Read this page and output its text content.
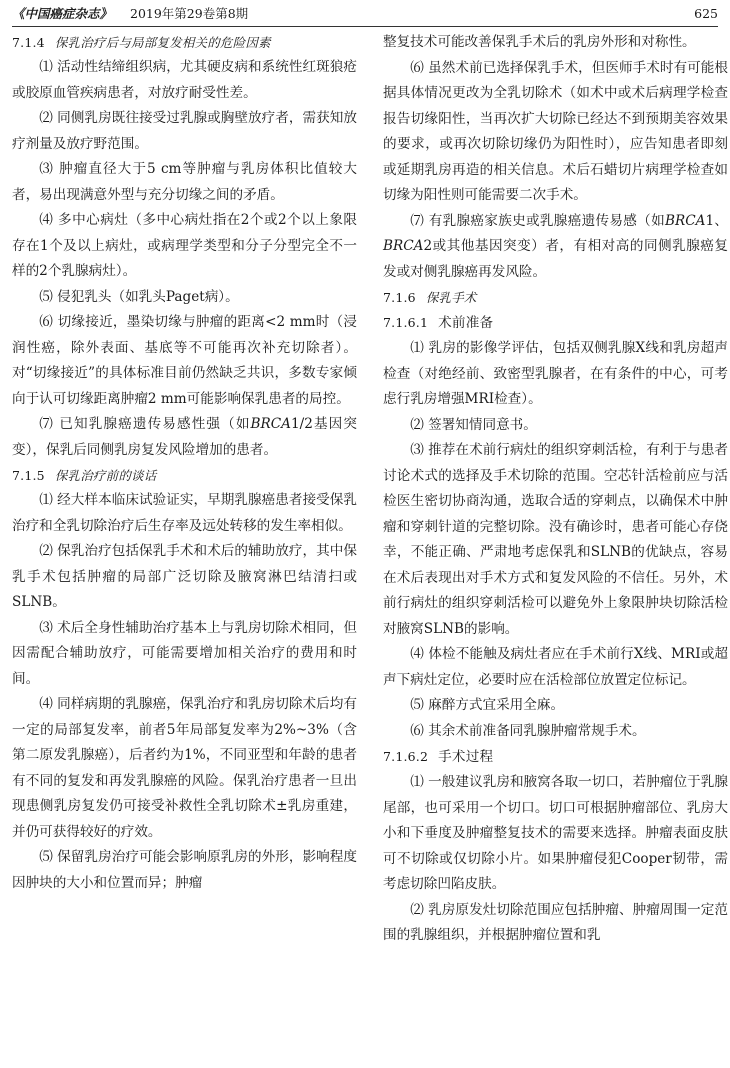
《中国癌症杂志》 2019年第29卷第8期	625
7.1.4 保乳治疗后与局部复发相关的危险因素

⑴ 活动性结缔组织病，尤其硬皮病和系统性红斑狼疮或胶原血管疾病患者，对放疗耐受性差。

⑵ 同侧乳房既往接受过乳腺或胸壁放疗者，需获知放疗剂量及放疗野范围。

⑶ 肿瘤直径大于5 cm等肿瘤与乳房体积比值较大者，易出现满意外型与充分切缘之间的矛盾。

⑷ 多中心病灶（多中心病灶指在2个或2个以上象限存在1个及以上病灶，或病理学类型和分子分型完全不一样的2个乳腺病灶）。

⑸ 侵犯乳头（如乳头Paget病）。

⑹ 切缘接近，墨染切缘与肿瘤的距离<2 mm时（浸润性癌，除外表面、基底等不可能再次补充切除者）。对“切缘接近”的具体标准目前仍然缺乏共识，多数专家倾向于认可切缘距离肿瘤2 mm可能影响保乳患者的局控。

⑺ 已知乳腺癌遗传易感性强（如BRCA1/2基因突变），保乳后同侧乳房复发风险增加的患者。

7.1.5 保乳治疗前的谈话

⑴ 经大样本临床试验证实，早期乳腺癌患者接受保乳治疗和全乳切除治疗后生存率及远处转移的发生率相似。

⑵ 保乳治疗包括保乳手术和术后的辅助放疗，其中保乳手术包括肿瘤的局部广泛切除及腋窝淋巴结清扫或SLNB。

⑶ 术后全身性辅助治疗基本上与乳房切除术相同，但因需配合辅助放疗，可能需要增加相关治疗的费用和时间。

⑷ 同样病期的乳腺癌，保乳治疗和乳房切除术后均有一定的局部复发率，前者5年局部复发率为2%~3%（含第二原发乳腺癌），后者约为1%，不同亚型和年龄的患者有不同的复发和再发乳腺癌的风险。保乳治疗患者一旦出现患侧乳房复发仍可接受补救性全乳切除术±乳房重建，并仍可获得较好的疗效。

⑸ 保留乳房治疗可能会影响原乳房的外形，影响程度因肿块的大小和位置而异；肿瘤

整复技术可能改善保乳手术后的乳房外形和对称性。

⑹ 虽然术前已选择保乳手术，但医师手术时有可能根据具体情况更改为全乳切除术（如术中或术后病理学检查报告切缘阳性，当再次扩大切除已经达不到预期美容效果的要求，或再次切除切缘仍为阳性时），应告知患者即刻或延期乳房再造的相关信息。术后石蜡切片病理学检查如切缘为阳性则可能需要二次手术。

⑺ 有乳腺癌家族史或乳腺癌遗传易感（如BRCA1、BRCA2或其他基因突变）者，有相对高的同侧乳腺癌复发或对侧乳腺癌再发风险。

7.1.6 保乳手术
7.1.6.1 术前准备

⑴ 乳房的影像学评估，包括双侧乳腺X线和乳房超声检查（对绝经前、致密型乳腺者，在有条件的中心，可考虑行乳房增强MRI检查）。

⑵ 签署知情同意书。

⑶ 推荐在术前行病灶的组织穿刺活检，有利于与患者讨论术式的选择及手术切除的范围。空芯针活检前应与活检医生密切协商沟通，选取合适的穿刺点，以确保术中肿瘤和穿刺针道的完整切除。没有确诊时，患者可能心存侥幸，不能正确、严肃地考虑保乳和SLNB的优缺点，容易在术后表现出对手术方式和复发风险的不信任。另外，术前行病灶的组织穿刺活检可以避免外上象限肿块切除活检对腋窝SLNB的影响。

⑷ 体检不能触及病灶者应在手术前行X线、MRI或超声下病灶定位，必要时应在活检部位放置定位标记。

⑸ 麻醉方式宜采用全麻。

⑹ 其余术前准备同乳腺肿瘤常规手术。

7.1.6.2 手术过程

⑴ 一般建议乳房和腋窝各取一切口，若肿瘤位于乳腺尾部，也可采用一个切口。切口可根据肿瘤部位、乳房大小和下垂度及肿瘤整复技术的需要来选择。肿瘤表面皮肤可不切除或仅切除小片。如果肿瘤侵犯Cooper韧带，需考虑切除凹陷皮肤。

⑵ 乳房原发灶切除范围应包括肿瘤、肿瘤周围一定范围的乳腺组织，并根据肿瘤位置和乳
